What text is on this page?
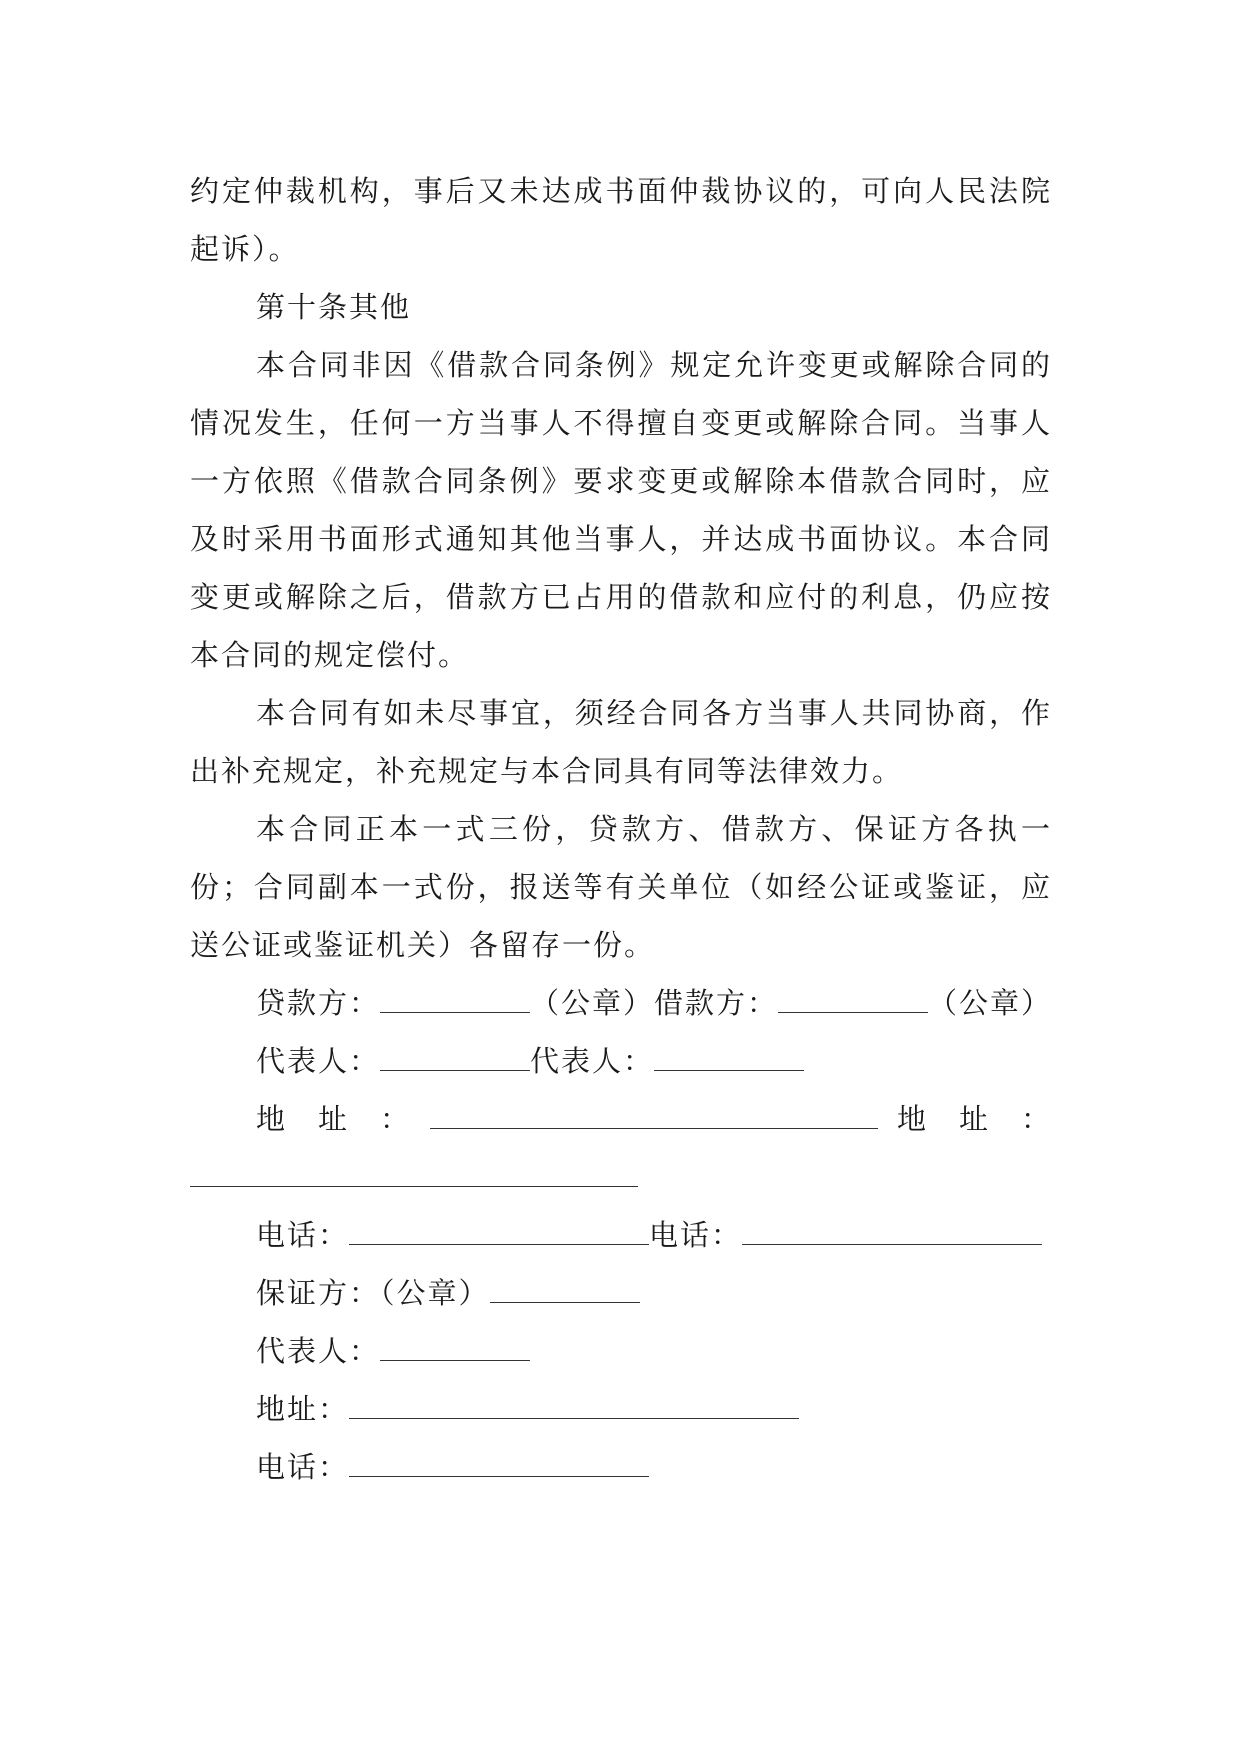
约定仲裁机构，事后又未达成书面仲裁协议的，可向人民法院起诉）。

第十条其他

本合同非因《借款合同条例》规定允许变更或解除合同的情况发生，任何一方当事人不得擅自变更或解除合同。当事人一方依照《借款合同条例》要求变更或解除本借款合同时，应及时采用书面形式通知其他当事人，并达成书面协议。本合同变更或解除之后，借款方已占用的借款和应付的利息，仍应按本合同的规定偿付。

本合同有如未尽事宜，须经合同各方当事人共同协商，作出补充规定，补充规定与本合同具有同等法律效力。

本合同正本一式三份，贷款方、借款方、保证方各执一份；合同副本一式份，报送等有关单位（如经公证或鉴证，应送公证或鉴证机关）各留存一份。

贷款方：	（公章）借款方：	（公章）
代表人：	代表人：
地　址　：	地　址　：
电话：	电话：
保证方：（公章）
代表人：
地址：
电话：
